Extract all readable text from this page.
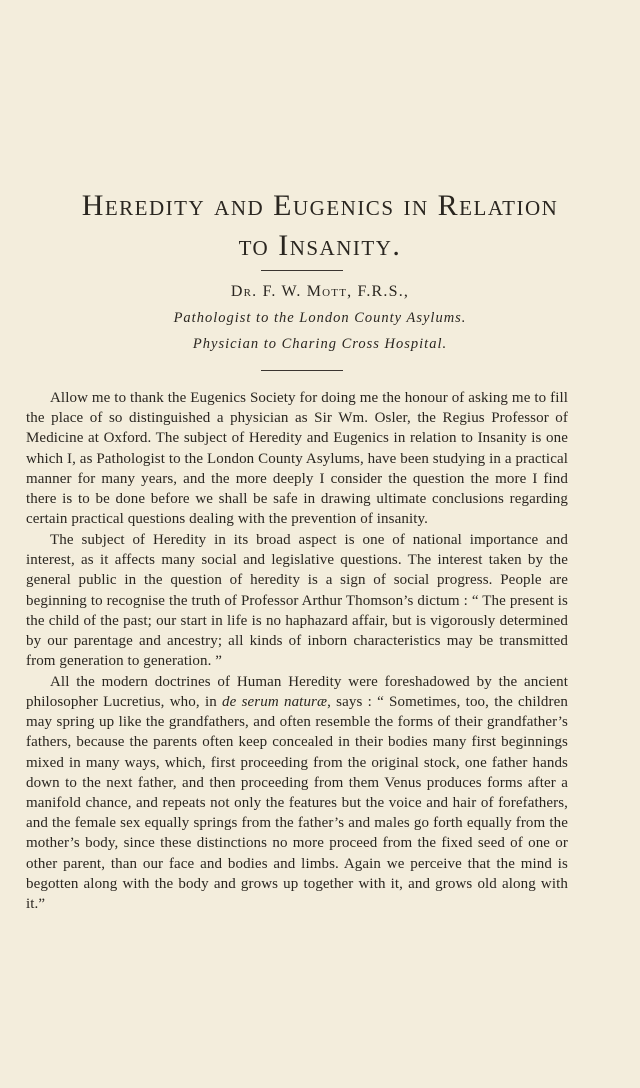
Heredity and Eugenics in Relation
to Insanity.
Dr. F. W. Mott, F.R.S.,
Pathologist to the London County Asylums.
Physician to Charing Cross Hospital.

Allow me to thank the Eugenics Society for doing me the honour of asking me to fill the place of so distinguished a physician as Sir Wm. Osler, the Regius Professor of Medicine at Oxford. The subject of Heredity and Eugenics in relation to Insanity is one which I, as Pathologist to the London County Asylums, have been studying in a practical manner for many years, and the more deeply I consider the question the more I find there is to be done before we shall be safe in drawing ultimate conclusions regarding certain practical questions dealing with the prevention of insanity.

The subject of Heredity in its broad aspect is one of national importance and interest, as it affects many social and legislative questions. The interest taken by the general public in the question of heredity is a sign of social progress. People are beginning to recognise the truth of Professor Arthur Thomson’s dictum : “ The present is the child of the past; our start in life is no haphazard affair, but is vigorously determined by our parentage and ancestry; all kinds of inborn characteristics may be transmitted from generation to generation. ”

All the modern doctrines of Human Heredity were foreshadowed by the ancient philosopher Lucretius, who, in de serum naturæ, says : “ Sometimes, too, the children may spring up like the grandfathers, and often resemble the forms of their grandfather’s fathers, because the parents often keep concealed in their bodies many first beginnings mixed in many ways, which, first proceeding from the original stock, one father hands down to the next father, and then proceeding from them Venus produces forms after a manifold chance, and repeats not only the features but the voice and hair of forefathers, and the female sex equally springs from the father’s and males go forth equally from the mother’s body, since these distinctions no more proceed from the fixed seed of one or other parent, than our face and bodies and limbs. Again we perceive that the mind is begotten along with the body and grows up together with it, and grows old along with it.”
